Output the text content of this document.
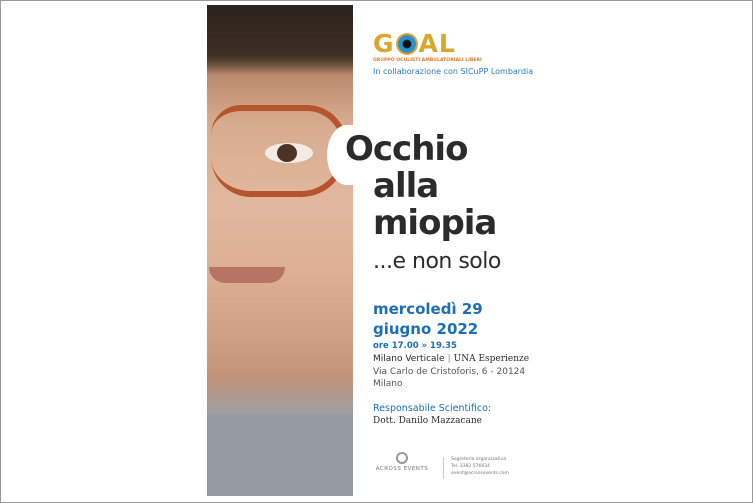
G AL
GRUPPO OCULISTI AMBULATORIALI LIBERI
In collaborazione con SICuPP Lombardia
Occhio
alla
miopia
...e non solo
mercoledì 29
giugno 2022
ore 17.00 » 19.35
Milano Verticale | UNA Esperienze
Via Carlo de Cristoforis, 6 - 20124
Milano
Responsabile Scientifico:
Dott. Danilo Mazzacane
ACROSS EVENTS
Segreteria organizzativa
Tel. 3382.576634
event@acrossevents.com
